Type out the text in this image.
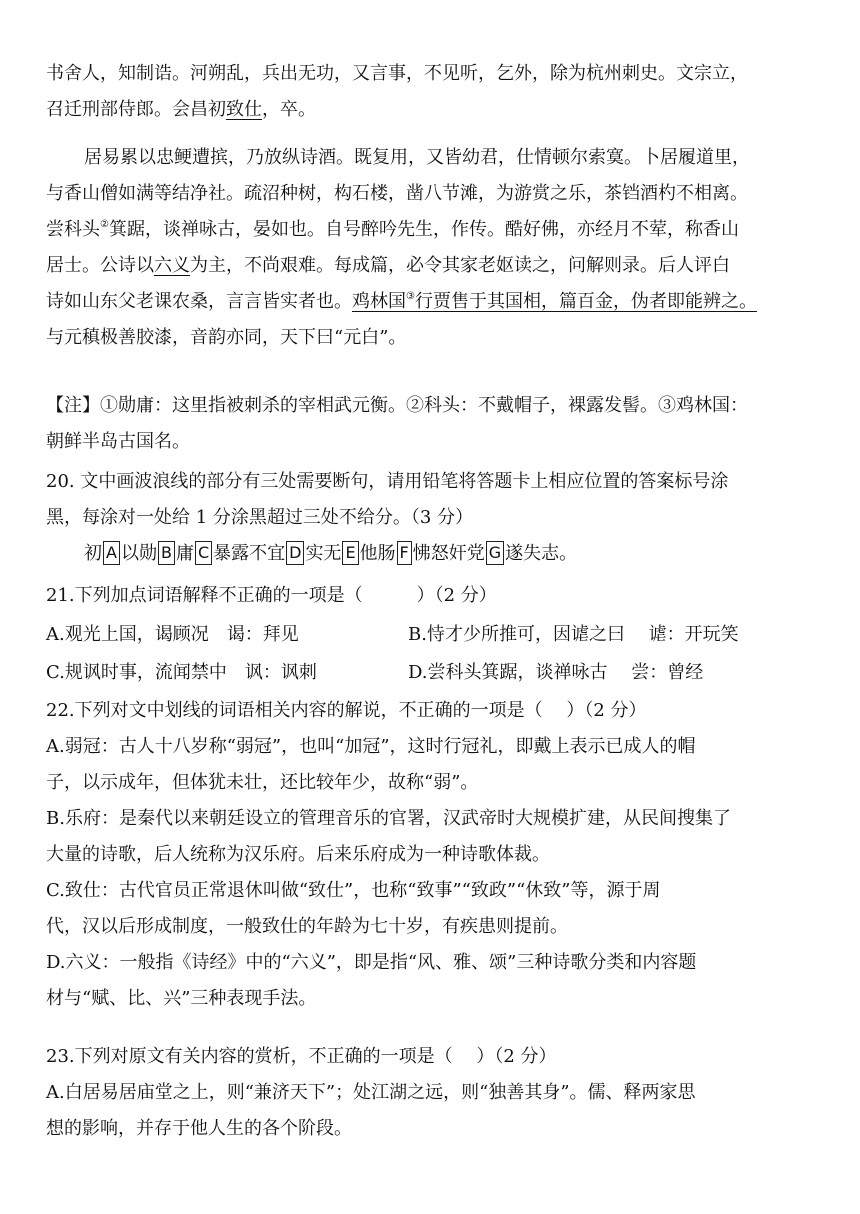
书舍人，知制诰。河朔乱，兵出无功，又言事，不见听，乞外，除为杭州刺史。文宗立，
召迁刑部侍郎。会昌初致仕，卒。
居易累以忠鲠遭摈，乃放纵诗酒。既复用，又皆幼君，仕情顿尔索寞。卜居履道里，
与香山僧如满等结净社。疏沼种树，构石楼，凿八节滩，为游赏之乐，茶铛酒杓不相离。
尝科头②箕踞，谈禅咏古，晏如也。自号醉吟先生，作传。酷好佛，亦经月不荤，称香山
居士。公诗以六义为主，不尚艰难。每成篇，必令其家老妪读之，问解则录。后人评白
诗如山东父老课农桑，言言皆实者也。鸡林国③行贾售于其国相，篇百金，伪者即能辨之。
与元稹极善胶漆，音韵亦同，天下曰“元白”。
【注】①勋庸：这里指被刺杀的宰相武元衡。②科头：不戴帽子，裸露发髻。③鸡林国：
朝鲜半岛古国名。
20. 文中画波浪线的部分有三处需要断句，请用铅笔将答题卡上相应位置的答案标号涂
黑，每涂对一处给 1 分涂黑超过三处不给分。（3 分）
初 A 以勋 B 庸 C 暴露不宜 D 实无 E 他肠 F 怫怒奸党 G 遂失志。
21.下列加点词语解释不正确的一项是（　　　）（2 分）
A.观光上国，谒顾况　谒：拜见	B.恃才少所推可，因谑之曰　 谑：开玩笑
C.规讽时事，流闻禁中　讽：讽刺	D.尝科头箕踞，谈禅咏古　 尝：曾经
22.下列对文中划线的词语相关内容的解说，不正确的一项是（　 ）（2 分）
A.弱冠：古人十八岁称“弱冠”，也叫“加冠”，这时行冠礼，即戴上表示已成人的帽
子，以示成年，但体犹未壮，还比较年少，故称“弱”。
B.乐府：是秦代以来朝廷设立的管理音乐的官署，汉武帝时大规模扩建，从民间搜集了
大量的诗歌，后人统称为汉乐府。后来乐府成为一种诗歌体裁。
C.致仕：古代官员正常退休叫做“致仕”，也称“致事”“致政”“休致”等，源于周
代，汉以后形成制度，一般致仕的年龄为七十岁，有疾患则提前。
D.六义：一般指《诗经》中的“六义”，即是指“风、雅、颂”三种诗歌分类和内容题
材与“赋、比、兴”三种表现手法。
23.下列对原文有关内容的赏析，不正确的一项是（　 ）（2 分）
A.白居易居庙堂之上，则“兼济天下”；处江湖之远，则“独善其身”。儒、释两家思
想的影响，并存于他人生的各个阶段。
